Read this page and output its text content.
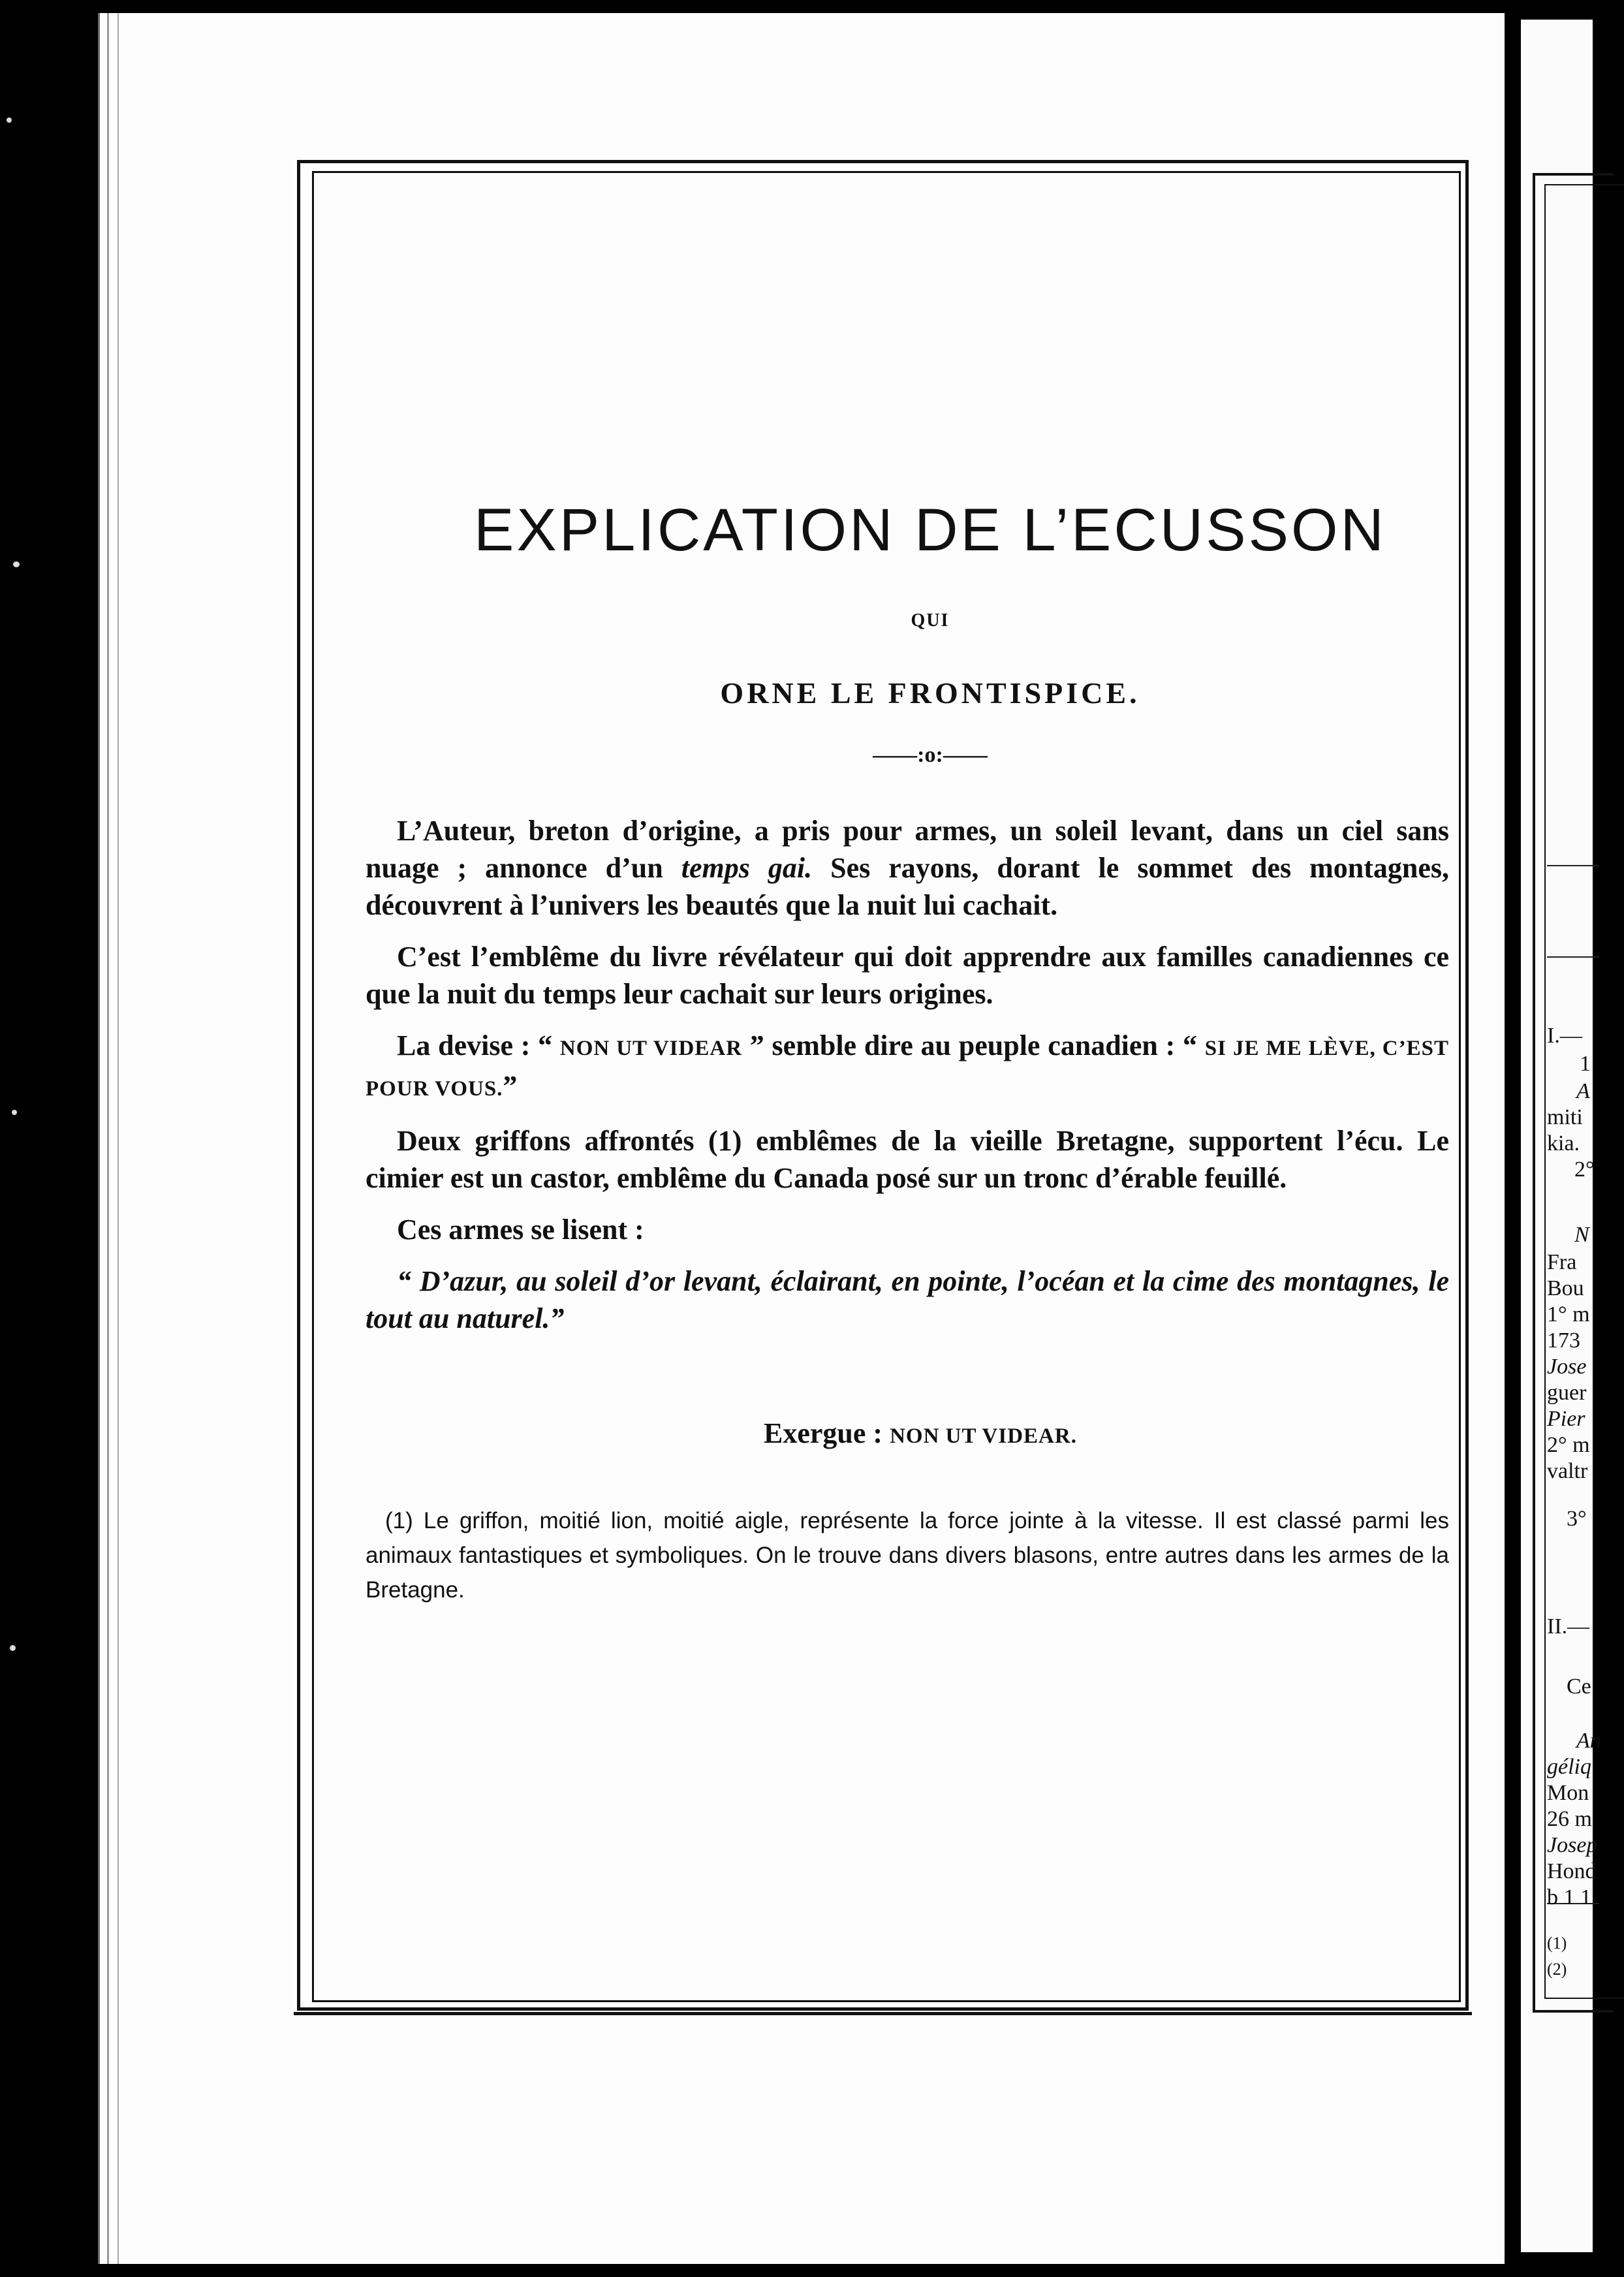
EXPLICATION DE L’ECUSSON
QUI
ORNE LE FRONTISPICE.
——:o:——

L’Auteur, breton d’origine, a pris pour armes, un soleil levant, dans un ciel sans nuage ; annonce d’un temps gai. Ses rayons, dorant le sommet des montagnes, découvrent à l’univers les beautés que la nuit lui cachait.

C’est l’emblême du livre révélateur qui doit apprendre aux familles canadiennes ce que la nuit du temps leur cachait sur leurs origines.

La devise : “ NON UT VIDEAR ” semble dire au peuple canadien : “ SI JE ME LÈVE, C’EST POUR VOUS.”

Deux griffons affrontés (1) emblêmes de la vieille Bretagne, supportent l’écu. Le cimier est un castor, emblême du Canada posé sur un tronc d’érable feuillé.

Ces armes se lisent :

“ D’azur, au soleil d’or levant, éclairant, en pointe, l’océan et la cime des montagnes, le tout au naturel.”

Exergue : NON UT VIDEAR.
(1) Le griffon, moitié lion, moitié aigle, représente la force jointe à la vitesse. Il est classé parmi les animaux fantastiques et symboliques. On le trouve dans divers blasons, entre autres dans les armes de la Bretagne.
I.—
1
A
miti
kia.
2°
N
Fra
Bou
1° m
173
Jose
guer
Pier
2° m
valtr
3°
II.—
Ce
An
géliq
Mon
26 m
Josep
Hond
b 1 1
(1)
(2)
